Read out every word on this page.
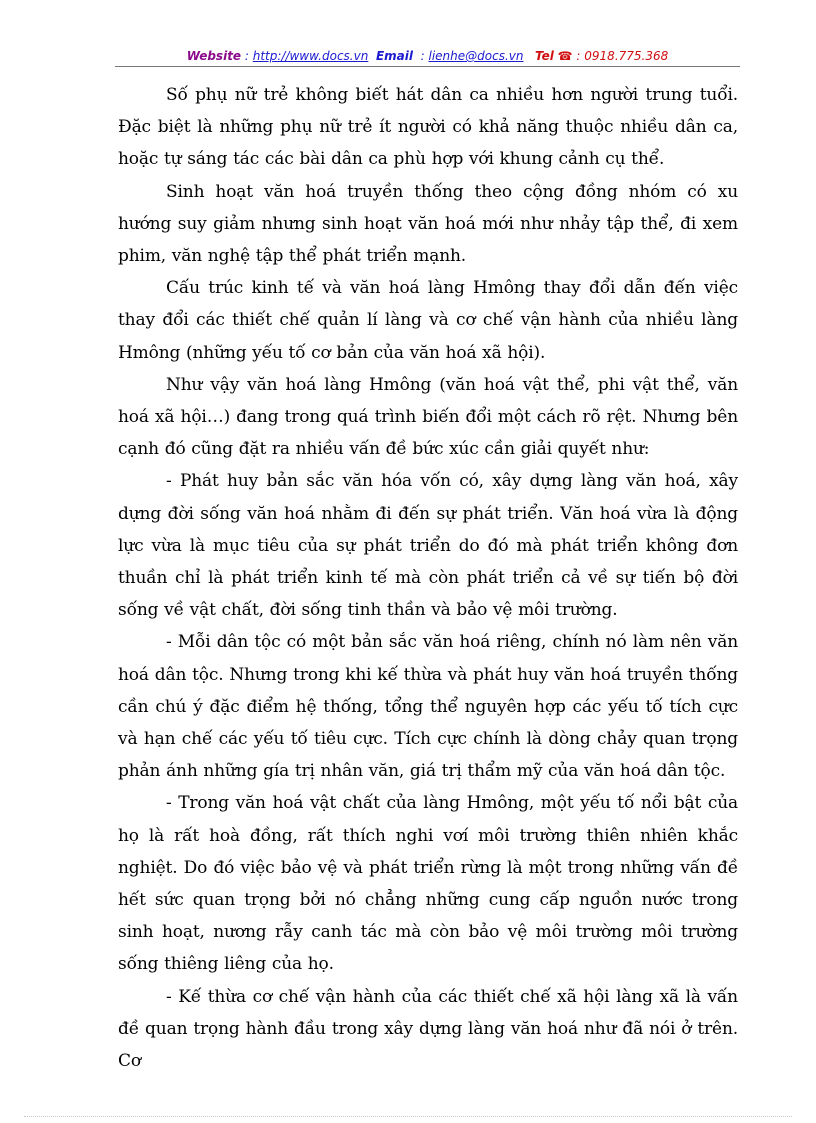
Website : http://www.docs.vn Email  : lienhe@docs.vn Tel ☎ : 0918.775.368

Số phụ nữ trẻ không biết hát dân ca nhiều hơn người trung tuổi. Đặc biệt là những phụ nữ trẻ ít người có khả năng thuộc nhiều dân ca, hoặc tự sáng tác các bài dân ca phù hợp với khung cảnh cụ thể.

Sinh hoạt văn hoá truyền thống theo cộng đồng nhóm có xu hướng suy giảm nhưng sinh hoạt văn hoá mới như nhảy tập thể, đi xem phim, văn nghệ tập thể phát triển mạnh.

Cấu trúc kinh tế và văn hoá làng Hmông thay đổi dẫn đến việc thay đổi các thiết chế quản lí làng và cơ chế vận hành của nhiều làng Hmông (những yếu tố cơ bản của văn hoá xã hội).

Như vậy văn hoá làng Hmông (văn hoá vật thể, phi vật thể, văn hoá xã hội…) đang trong quá trình biến đổi một cách rõ rệt. Nhưng bên cạnh đó cũng đặt ra nhiều vấn đề bức xúc cần giải quyết như:

- Phát huy bản sắc văn hóa vốn có, xây dựng làng văn hoá, xây dựng đời sống văn hoá nhằm đi đến sự phát triển. Văn hoá vừa là động lực vừa là mục tiêu của sự phát triển do đó mà phát triển không đơn thuần chỉ là phát triển kinh tế mà còn phát triển cả về sự tiến bộ đời sống về vật chất, đời sống tinh thần và bảo vệ môi trường.

- Mỗi dân tộc có một bản sắc văn hoá riêng, chính nó làm nên văn hoá dân tộc. Nhưng trong khi kế thừa và phát huy văn hoá truyền thống cần chú ý đặc điểm hệ thống, tổng thể nguyên hợp các yếu tố tích cực và hạn chế các yếu tố tiêu cực. Tích cực chính là dòng chảy quan trọng phản ánh những gía trị nhân văn, giá trị thẩm mỹ của văn hoá dân tộc.

- Trong văn hoá vật chất của làng Hmông, một yếu tố nổi bật của họ là rất hoà đồng, rất thích nghi vơí môi trường thiên nhiên khắc nghiệt. Do đó việc bảo vệ và phát triển rừng là một trong những vấn đề hết sức quan trọng bởi nó chẳng những cung cấp nguồn nước trong sinh hoạt, nương rẫy canh tác mà còn bảo vệ môi trường môi trường sống thiêng liêng của họ.

- Kế thừa cơ chế vận hành của các thiết chế xã hội làng xã là vấn đề quan trọng hành đầu trong xây dựng làng văn hoá như đã nói ở trên. Cơ
